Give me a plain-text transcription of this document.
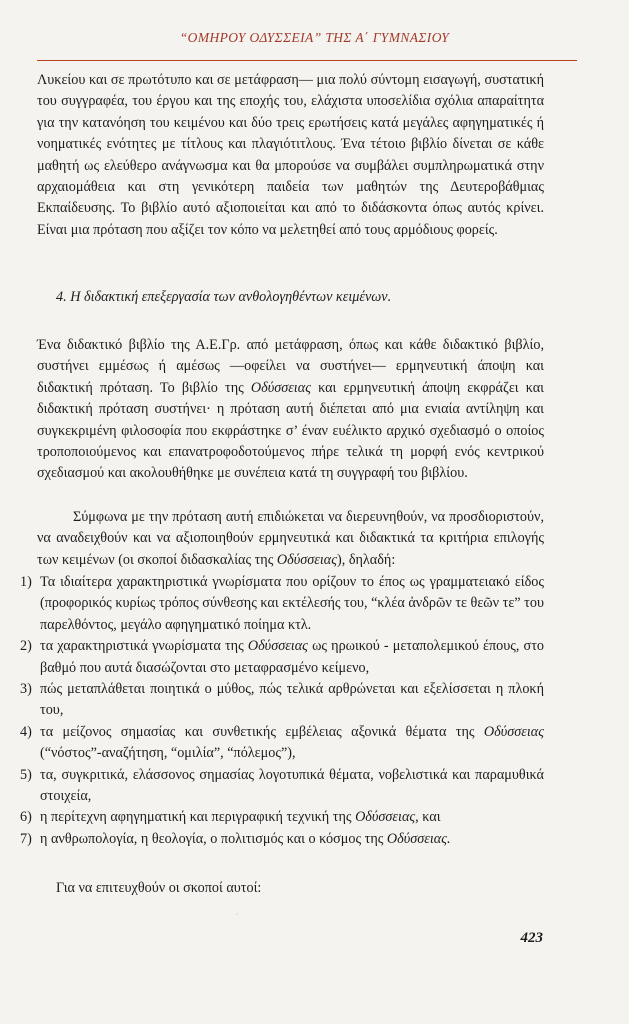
“ΟΜΗΡΟΥ ΟΔΥΣΣΕΙΑ” ΤΗΣ Α΄ ΓΥΜΝΑΣΙΟΥ

Λυκείου και σε πρωτότυπο και σε μετάφραση— μια πολύ σύντομη εισαγωγή, συστατική του συγγραφέα, του έργου και της εποχής του, ελάχιστα υποσελίδια σχόλια απαραίτητα για την κατανόηση του κειμένου και δύο τρεις ερωτήσεις κατά μεγάλες αφηγηματικές ή νοηματικές ενότητες με τίτλους και πλαγιότιτλους. Ένα τέτοιο βιβλίο δίνεται σε κάθε μαθητή ως ελεύθερο ανάγνωσμα και θα μπορούσε να συμβάλει συμπληρωματικά στην αρχαιομάθεια και στη γενικότερη παιδεία των μαθητών της Δευτεροβάθμιας Εκπαίδευσης. Το βιβλίο αυτό αξιοποιείται και από το διδάσκοντα όπως αυτός κρίνει. Είναι μια πρόταση που αξίζει τον κόπο να μελετηθεί από τους αρμόδιους φορείς.

4. Η διδακτική επεξεργασία των ανθολογηθέντων κειμένων.

Ένα διδακτικό βιβλίο της Α.Ε.Γρ. από μετάφραση, όπως και κάθε διδακτικό βιβλίο, συστήνει εμμέσως ή αμέσως —οφείλει να συστήνει— ερμηνευτική άποψη και διδακτική πρόταση. Το βιβλίο της Οδύσσειας και ερμηνευτική άποψη εκφράζει και διδακτική πρόταση συστήνει· η πρόταση αυτή διέπεται από μια ενιαία αντίληψη και συγκεκριμένη φιλοσοφία που εκφράστηκε σ’ έναν ευέλικτο αρχικό σχεδιασμό ο οποίος τροποποιούμενος και επανατροφοδοτούμενος πήρε τελικά τη μορφή ενός κεντρικού σχεδιασμού και ακολουθήθηκε με συνέπεια κατά τη συγγραφή του βιβλίου.

Σύμφωνα με την πρόταση αυτή επιδιώκεται να διερευνηθούν, να προσδιοριστούν, να αναδειχθούν και να αξιοποιηθούν ερμηνευτικά και διδακτικά τα κριτήρια επιλογής των κειμένων (οι σκοποί διδασκαλίας της Οδύσσειας), δηλαδή:

1) Τα ιδιαίτερα χαρακτηριστικά γνωρίσματα που ορίζουν το έπος ως γραμματειακό είδος (προφορικός κυρίως τρόπος σύνθεσης και εκτέλεσής του, “κλέα ἀνδρῶν τε θεῶν τε” του παρελθόντος, μεγάλο αφηγηματικό ποίημα κτλ.
2) τα χαρακτηριστικά γνωρίσματα της Οδύσσειας ως ηρωικού - μεταπολεμικού έπους, στο βαθμό που αυτά διασώζονται στο μεταφρασμένο κείμενο,
3) πώς μεταπλάθεται ποιητικά ο μύθος, πώς τελικά αρθρώνεται και εξελίσσεται η πλοκή του,
4) τα μείζονος σημασίας και συνθετικής εμβέλειας αξονικά θέματα της Οδύσσειας (“νόστος”-αναζήτηση, “ομιλία”, “πόλεμος”),
5) τα, συγκριτικά, ελάσσονος σημασίας λογοτυπικά θέματα, νοβελιστικά και παραμυθικά στοιχεία,
6) η περίτεχνη αφηγηματική και περιγραφική τεχνική της Οδύσσειας, και
7) η ανθρωπολογία, η θεολογία, ο πολιτισμός και ο κόσμος της Οδύσσειας.
Για να επιτευχθούν οι σκοποί αυτοί:
·
423
